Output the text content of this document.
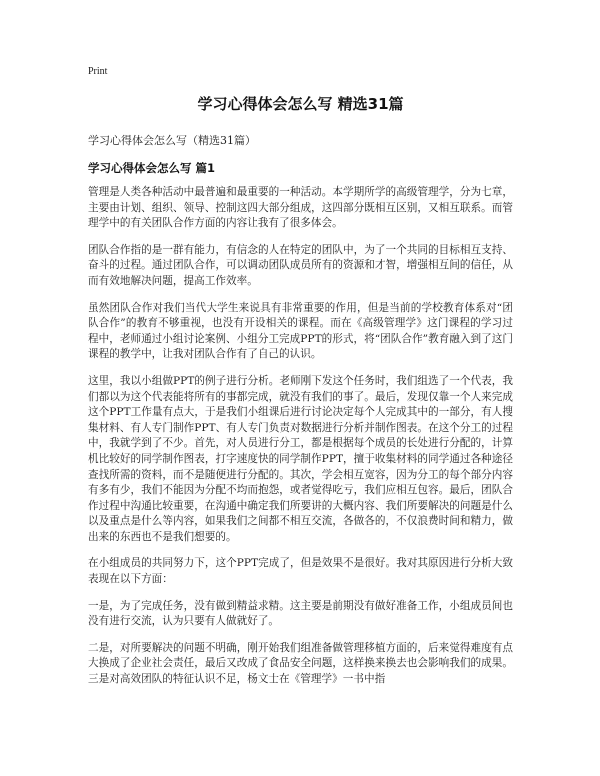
Print
学习心得体会怎么写 精选31篇
学习心得体会怎么写（精选31篇）
学习心得体会怎么写 篇1

管理是人类各种活动中最普遍和最重要的一种活动。本学期所学的高级管理学，分为七章，主要由计划、组织、领导、控制这四大部分组成，这四部分既相互区别，又相互联系。而管理学中的有关团队合作方面的内容让我有了很多体会。

团队合作指的是一群有能力，有信念的人在特定的团队中，为了一个共同的目标相互支持、奋斗的过程。通过团队合作，可以调动团队成员所有的资源和才智，增强相互间的信任，从而有效地解决问题，提高工作效率。

虽然团队合作对我们当代大学生来说具有非常重要的作用，但是当前的学校教育体系对“团队合作”的教育不够重视，也没有开设相关的课程。而在《高级管理学》这门课程的学习过程中，老师通过小组讨论案例、小组分工完成PPT的形式，将“团队合作”教育融入到了这门课程的教学中，让我对团队合作有了自己的认识。

这里，我以小组做PPT的例子进行分析。老师刚下发这个任务时，我们组选了一个代表，我们都以为这个代表能将所有的事都完成，就没有我们的事了。最后，发现仅靠一个人来完成这个PPT工作量有点大，于是我们小组课后进行讨论决定每个人完成其中的一部分，有人搜集材料、有人专门制作PPT、有人专门负责对数据进行分析并制作图表。在这个分工的过程中，我就学到了不少。首先，对人员进行分工，都是根据每个成员的长处进行分配的，计算机比较好的同学制作图表，打字速度快的同学制作PPT，擅于收集材料的同学通过各种途径查找所需的资料，而不是随便进行分配的。其次，学会相互宽容，因为分工的每个部分内容有多有少，我们不能因为分配不均而抱怨，或者觉得吃亏，我们应相互包容。最后，团队合作过程中沟通比较重要，在沟通中确定我们所要讲的大概内容、我们所要解决的问题是什么以及重点是什么等内容，如果我们之间都不相互交流，各做各的，不仅浪费时间和精力，做出来的东西也不是我们想要的。

在小组成员的共同努力下，这个PPT完成了，但是效果不是很好。我对其原因进行分析大致表现在以下方面：

一是，为了完成任务，没有做到精益求精。这主要是前期没有做好准备工作，小组成员间也没有进行交流，认为只要有人做就好了。

二是，对所要解决的问题不明确，刚开始我们组准备做管理移植方面的，后来觉得难度有点大换成了企业社会责任，最后又改成了食品安全问题，这样换来换去也会影响我们的成果。三是对高效团队的特征认识不足，杨文士在《管理学》一书中指
